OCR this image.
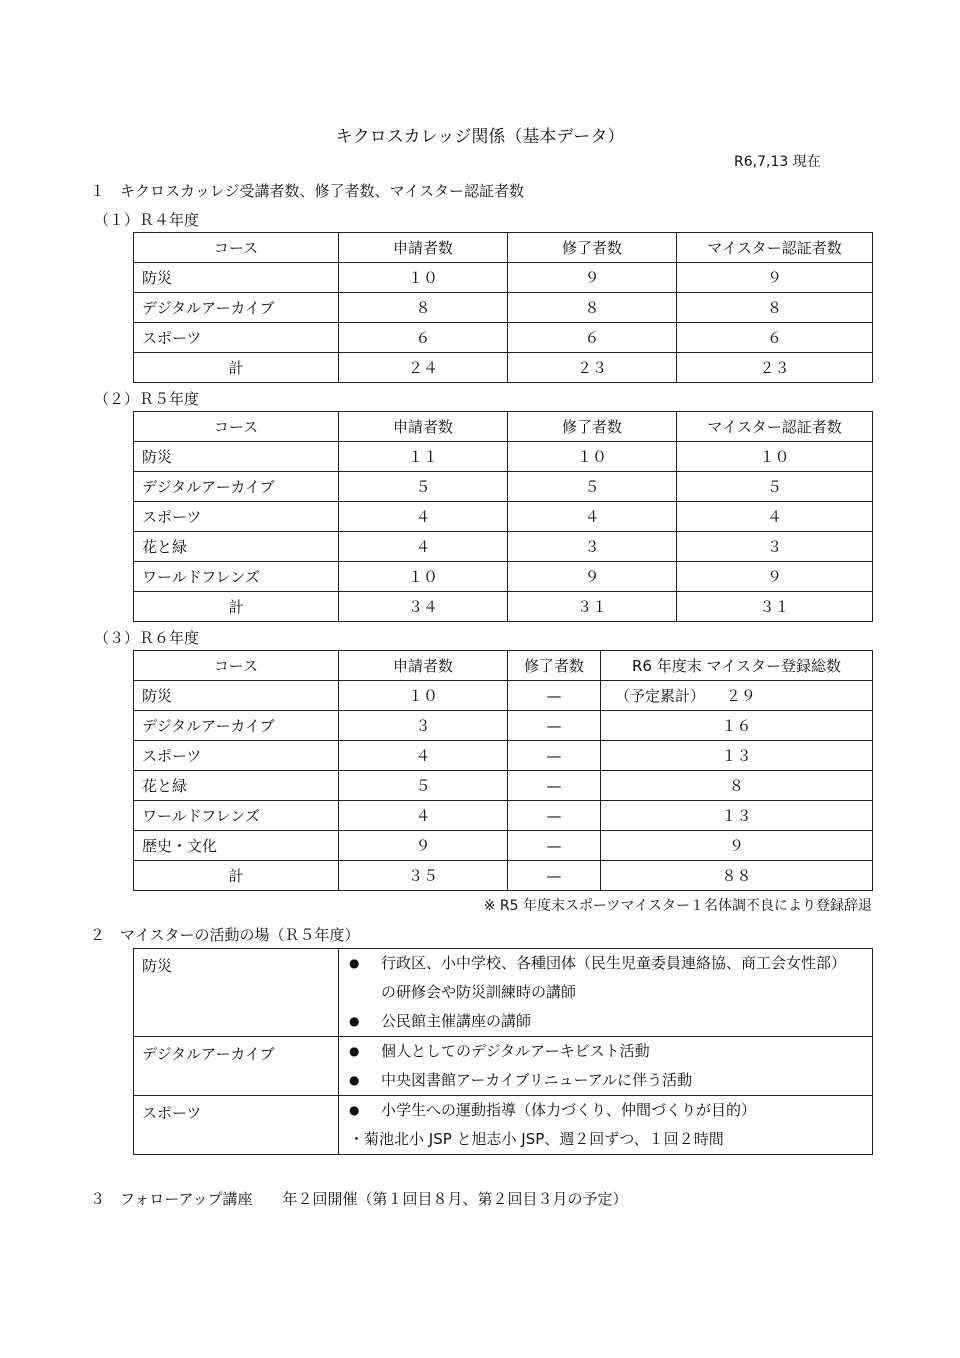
キクロスカレッジ関係（基本データ）
R6,7,13 現在
１　キクロスカッレジ受講者数、修了者数、マイスター認証者数
（１）Ｒ４年度
コース	申請者数	修了者数	マイスター認証者数
防災	１０	９	９
デジタルアーカイブ	８	８	８
スポーツ	６	６	６
計	２４	２３	２３
（２）Ｒ５年度
コース	申請者数	修了者数	マイスター認証者数
防災	１１	１０	１０
デジタルアーカイブ	５	５	５
スポーツ	４	４	４
花と緑	４	３	３
ワールドフレンズ	１０	９	９
計	３４	３１	３１
（３）Ｒ６年度
コース	申請者数	修了者数	R6 年度末 マイスター登録総数
防災	１０	—	（予定累計） ２９
デジタルアーカイブ	３	—	１６
スポーツ	４	—	１３
花と緑	５	—	８
ワールドフレンズ	４	—	１３
歴史・文化	９	—	９
計	３５	—	８８
※ R5 年度末スポーツマイスター１名体調不良により登録辞退
２　マイスターの活動の場（Ｒ５年度）
防災	● 行政区、小中学校、各種団体（民生児童委員連絡協、商工会女性部）
の研修会や防災訓練時の講師
● 公民館主催講座の講師

デジタルアーカイブ	● 個人としてのデジタルアーキビスト活動
● 中央図書館アーカイブリニューアルに伴う活動

スポーツ	● 小学生への運動指導（体力づくり、仲間づくりが目的）
・菊池北小 JSP と旭志小 JSP、週２回ずつ、１回２時間
３　フォローアップ講座　　年２回開催（第１回目８月、第２回目３月の予定）
